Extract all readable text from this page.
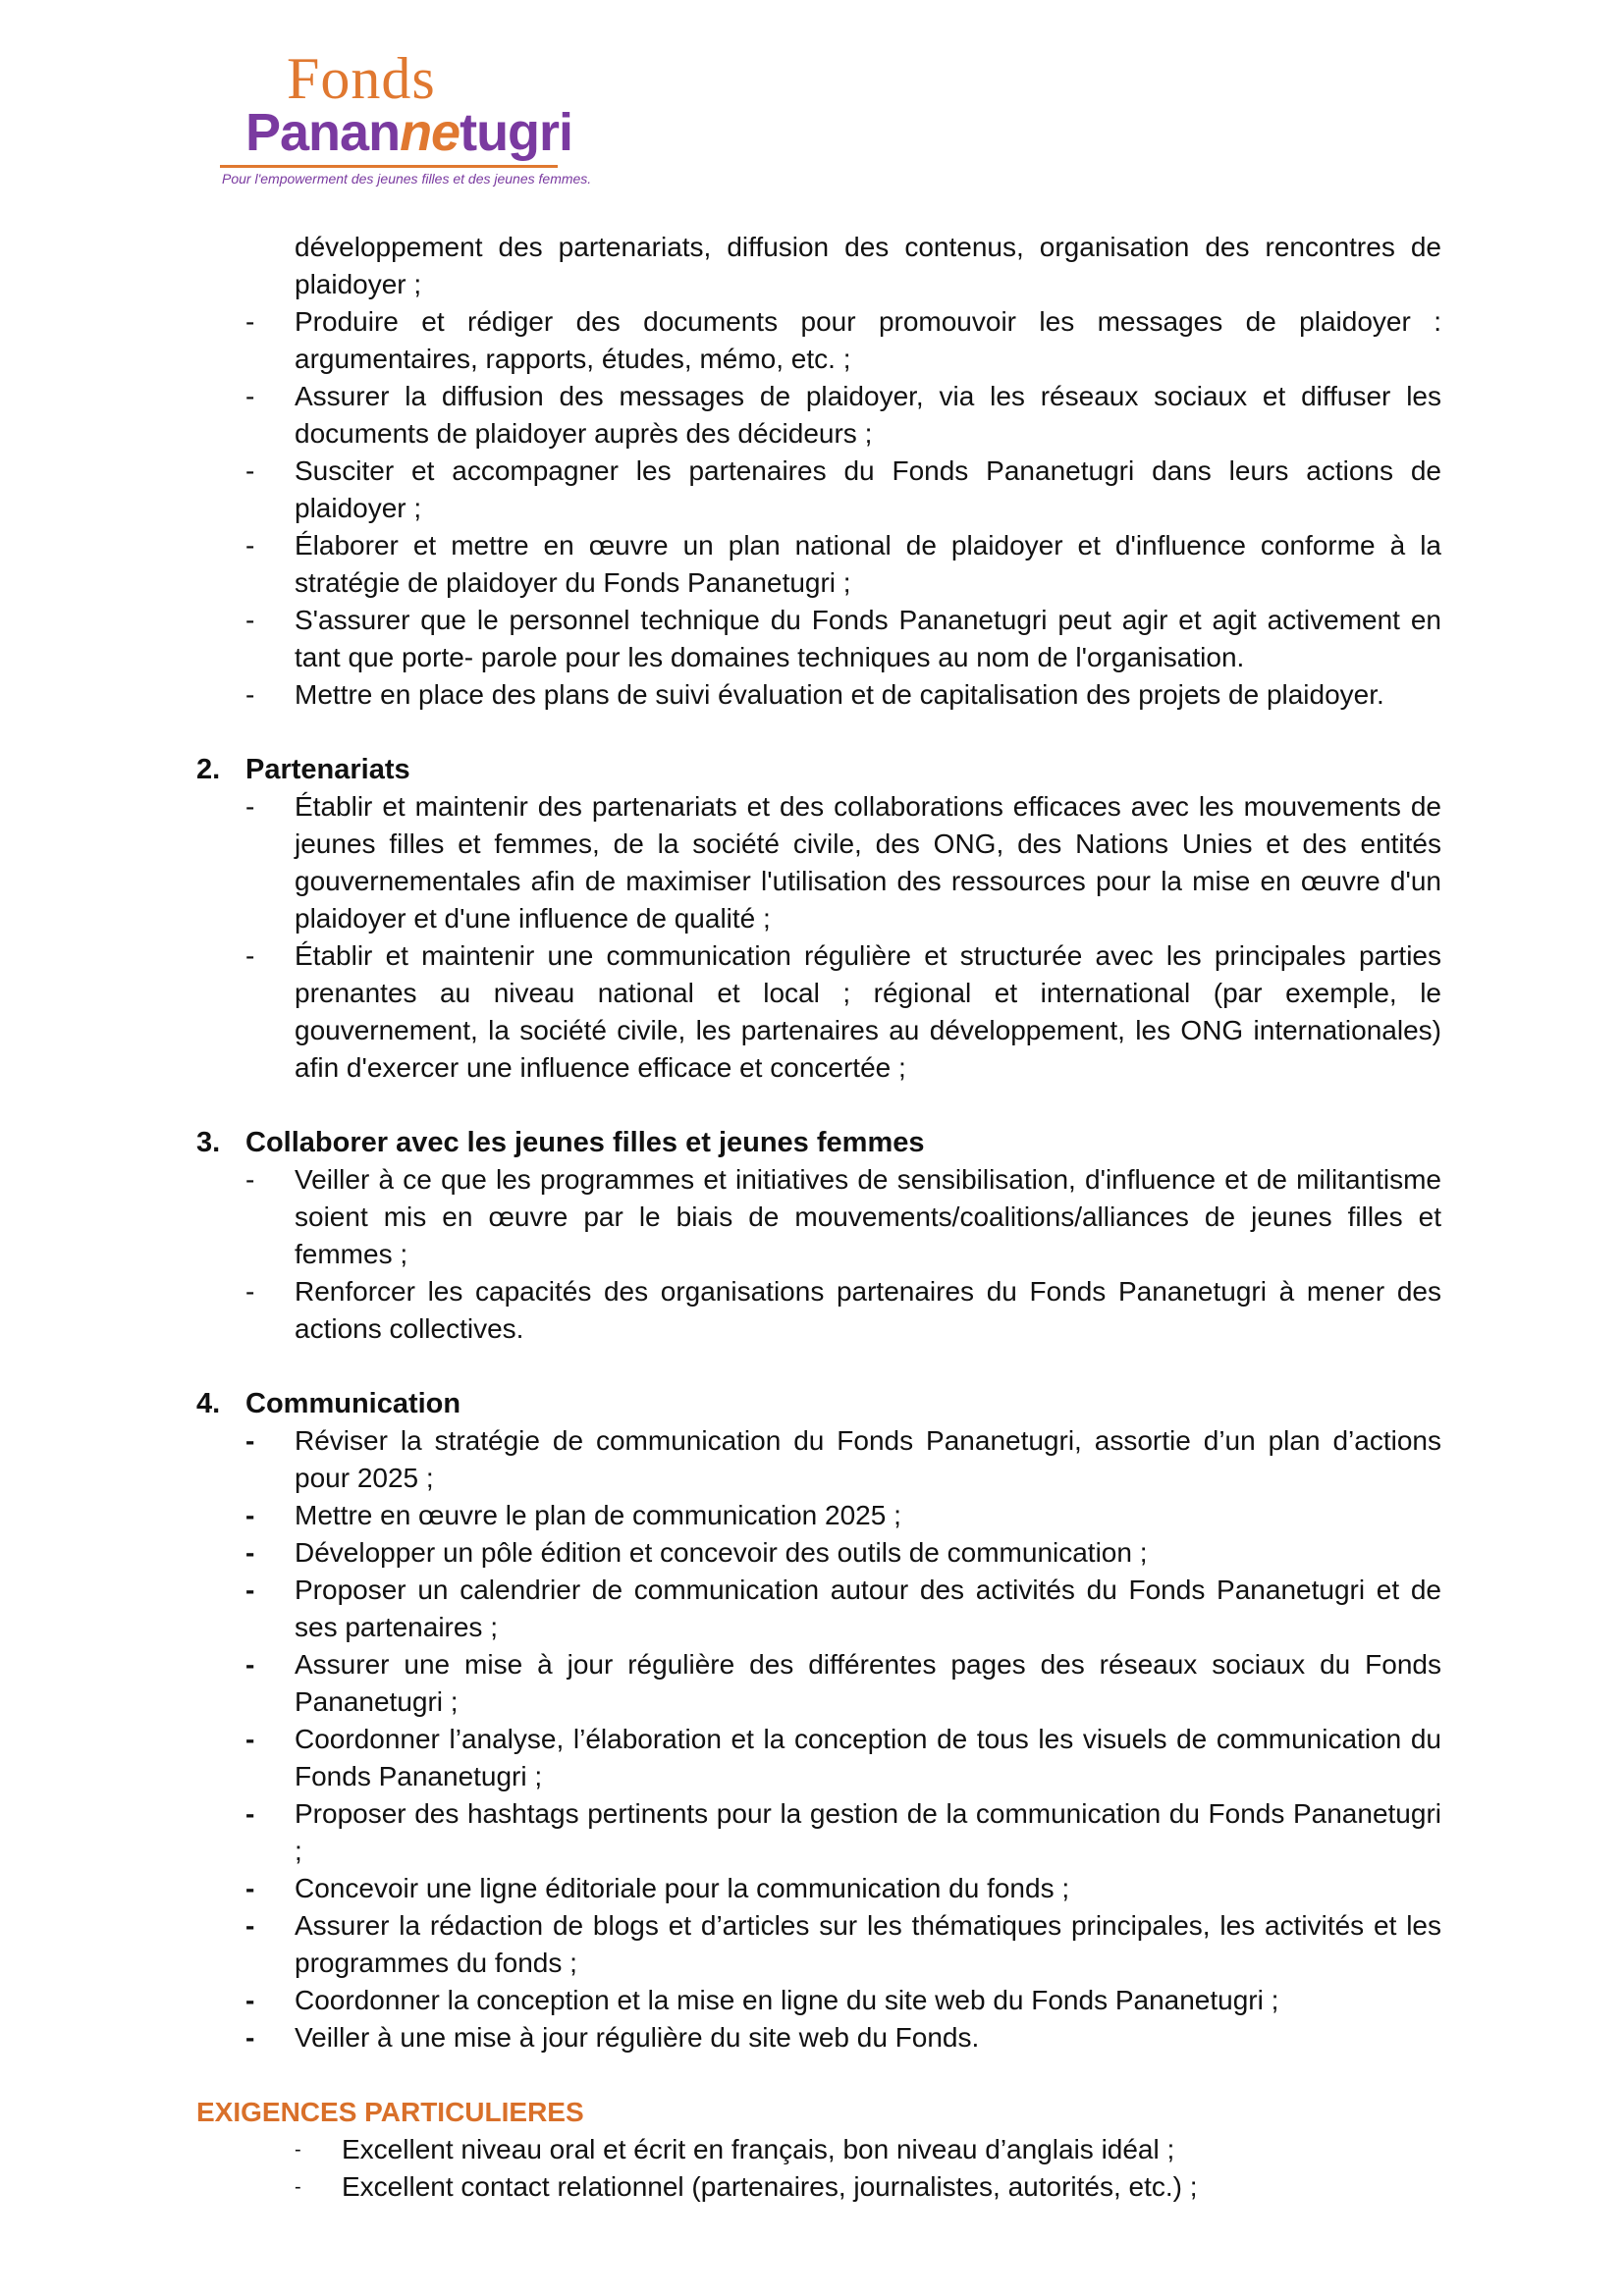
Fonds
Panannetugri
Pour l'empowerment des jeunes filles et des jeunes femmes.

développement des partenariats, diffusion des contenus, organisation des rencontres de plaidoyer ;

-	Produire et rédiger des documents pour promouvoir les messages de plaidoyer : argumentaires, rapports, études, mémo, etc. ;
-	Assurer la diffusion des messages de plaidoyer, via les réseaux sociaux et diffuser les documents de plaidoyer auprès des décideurs ;
-	Susciter et accompagner les partenaires du Fonds Pananetugri dans leurs actions de plaidoyer ;
-	Élaborer et mettre en œuvre un plan national de plaidoyer et d'influence conforme à la stratégie de plaidoyer du Fonds Pananetugri ;
-	S'assurer que le personnel technique du Fonds Pananetugri peut agir et agit activement en tant que porte- parole pour les domaines techniques au nom de l'organisation.
-	Mettre en place des plans de suivi évaluation et de capitalisation des projets de plaidoyer.
2. Partenariats
-	Établir et maintenir des partenariats et des collaborations efficaces avec les mouvements de jeunes filles et femmes, de la société civile, des ONG, des Nations Unies et des entités gouvernementales afin de maximiser l'utilisation des ressources pour la mise en œuvre d'un plaidoyer et d'une influence de qualité ;
-	Établir et maintenir une communication régulière et structurée avec les principales parties prenantes au niveau national et local ; régional et international (par exemple, le gouvernement, la société civile, les partenaires au développement, les ONG internationales) afin d'exercer une influence efficace et concertée ;
3. Collaborer avec les jeunes filles et jeunes femmes
-	Veiller à ce que les programmes et initiatives de sensibilisation, d'influence et de militantisme soient mis en œuvre par le biais de mouvements/coalitions/alliances de jeunes filles et femmes ;
-	Renforcer les capacités des organisations partenaires du Fonds Pananetugri à mener des actions collectives.
4. Communication
-	Réviser la stratégie de communication du Fonds Pananetugri, assortie d’un plan d’actions pour 2025 ;
-	Mettre en œuvre le plan de communication 2025 ;
-	Développer un pôle édition et concevoir des outils de communication ;
-	Proposer un calendrier de communication autour des activités du Fonds Pananetugri et de ses partenaires ;
-	Assurer une mise à jour régulière des différentes pages des réseaux sociaux du Fonds Pananetugri ;
-	Coordonner l’analyse, l’élaboration et la conception de tous les visuels de communication du Fonds Pananetugri ;
-	Proposer des hashtags pertinents pour la gestion de la communication du Fonds Pananetugri ;
-	Concevoir une ligne éditoriale pour la communication du fonds ;
-	Assurer la rédaction de blogs et d’articles sur les thématiques principales, les activités et les programmes du fonds ;
-	Coordonner la conception et la mise en ligne du site web du Fonds Pananetugri ;
-	Veiller à une mise à jour régulière du site web du Fonds.
EXIGENCES PARTICULIERES
-	Excellent niveau oral et écrit en français, bon niveau d’anglais idéal ;
-	Excellent contact relationnel (partenaires, journalistes, autorités, etc.) ;
